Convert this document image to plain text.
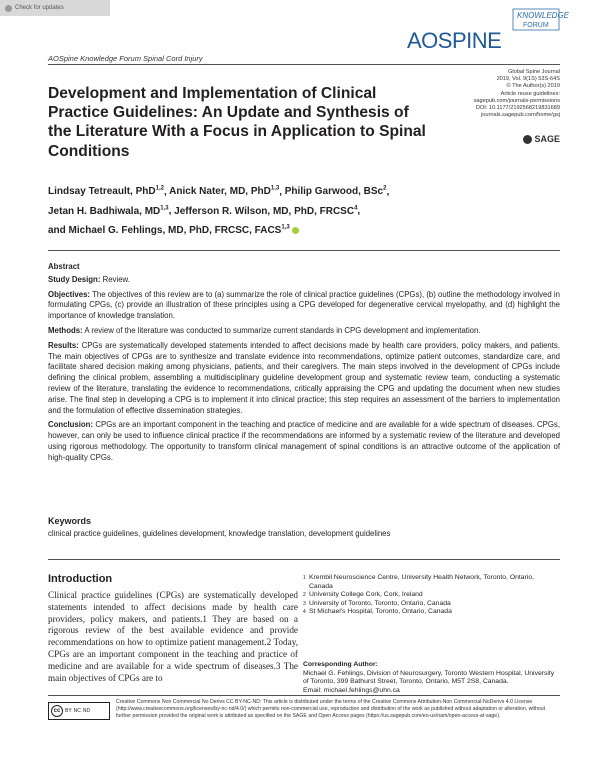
Check for updates
KNOWLEDGE
FORUM
AOSPINE
AOSpine Knowledge Forum Spinal Cord Injury
Global Spine Journal
2019, Vol. 9(1S) 53S-64S
© The Author(s) 2019
Article reuse guidelines:
sagepub.com/journals-permissions
DOI: 10.1177/2192568219831689
journals.sagepub.com/home/gsj
SAGE
Development and Implementation of Clinical Practice Guidelines: An Update and Synthesis of the Literature With a Focus in Application to Spinal Conditions
Lindsay Tetreault, PhD$^{1,2}$, Anick Nater, MD, PhD$^{1,3}$, Philip Garwood, BSc$^2$,
Jetan H. Badhiwala, MD$^{1,3}$, Jefferson R. Wilson, MD, PhD, FRCSC$^4$,
and Michael G. Fehlings, MD, PhD, FRCSC, FACS$^{1,3}$
Abstract

Study Design: Review.

Objectives: The objectives of this review are to (a) summarize the role of clinical practice guidelines (CPGs), (b) outline the methodology involved in formulating CPGs, (c) provide an illustration of these principles using a CPG developed for degenerative cervical myelopathy, and (d) highlight the importance of knowledge translation.

Methods: A review of the literature was conducted to summarize current standards in CPG development and implementation.

Results: CPGs are systematically developed statements intended to affect decisions made by health care providers, policy makers, and patients. The main objectives of CPGs are to synthesize and translate evidence into recommendations, optimize patient outcomes, standardize care, and facilitate shared decision making among physicians, patients, and their caregivers. The main steps involved in the development of CPGs include defining the clinical problem, assembling a multidisciplinary guideline development group and systematic review team, conducting a systematic review of the literature, translating the evidence to recommendations, critically appraising the CPG and updating the document when new studies arise. The final step in developing a CPG is to implement it into clinical practice; this step requires an assessment of the barriers to implementation and the formulation of effective dissemination strategies.

Conclusion: CPGs are an important component in the teaching and practice of medicine and are available for a wide spectrum of diseases. CPGs, however, can only be used to influence clinical practice if the recommendations are informed by a systematic review of the literature and developed using rigorous methodology. The opportunity to transform clinical management of spinal conditions is an attractive outcome of the application of high-quality CPGs.

Keywords
clinical practice guidelines, guidelines development, knowledge translation, development guidelines
Introduction
Clinical practice guidelines (CPGs) are systematically developed statements intended to affect decisions made by health care providers, policy makers, and patients.1 They are based on a rigorous review of the best available evidence and provide recommendations on how to optimize patient management.2 Today, CPGs are an important component in the teaching and practice of medicine and are available for a wide spectrum of diseases.3 The main objectives of CPGs are to
1 Krembil Neuroscience Centre, University Health Network, Toronto, Ontario, Canada
2 University College Cork, Cork, Ireland
3 University of Toronto, Toronto, Ontario, Canada
4 St Michael's Hospital, Toronto, Ontario, Canada
Corresponding Author:
Michael G. Fehlings, Division of Neurosurgery, Toronto Western Hospital, University of Toronto, 399 Bathurst Street, Toronto, Ontario, M5T 2S8, Canada.
Email: michael.fehlings@uhn.ca
cc BY NC ND
Creative Commons Non Commercial No Derivs CC BY-NC-ND: This article is distributed under the terms of the Creative Commons Attribution-Non Commercial-NoDerivs 4.0 License (http://www.creativecommons.org/licenses/by-nc-nd/4.0/) which permits non-commercial use, reproduction and distribution of the work as published without adaptation or alteration, without further permission provided the original work is attributed as specified on the SAGE and Open Access pages (https://us.sagepub.com/en-us/nam/open-access-at-sage).
